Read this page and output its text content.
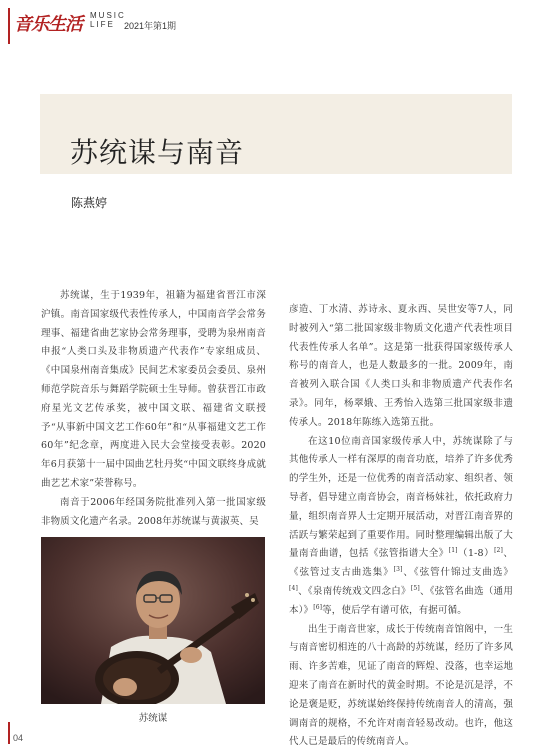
音乐生活 MUSIC
LIFE	2021年第1期
苏统谋与南音
陈燕婷

苏统谋，生于1939年，祖籍为福建省晋江市深沪镇。南音国家级代表性传承人，中国南音学会常务理事、福建省曲艺家协会常务理事，受聘为泉州南音申报“人类口头及非物质遗产代表作”专家组成员、《中国泉州南音集成》民间艺术家委员会委员、泉州师范学院音乐与舞蹈学院硕士生导师。曾获晋江市政府星光文艺传承奖，被中国文联、福建省文联授予“从事新中国文艺工作60年”和“从事福建文艺工作60年”纪念章，两度进入民大会堂接受表彰。2020年6月获第十一届中国曲艺牡丹奖“中国文联终身成就曲艺艺术家”荣誉称号。

南音于2006年经国务院批准列入第一批国家级非物质文化遗产名录。2008年苏统谋与黄淑英、吴

苏统谋

彦造、丁水清、苏诗永、夏永西、吴世安等7人，同时被列入“第二批国家级非物质文化遗产代表性项目代表性传承人名单”。这是第一批获得国家级传承人称号的南音人，也是人数最多的一批。2009年，南音被列入联合国《人类口头和非物质遗产代表作名录》。同年，杨翠娥、王秀怡入选第三批国家级非遗传承人。2018年陈练入选第五批。

在这10位南音国家级传承人中，苏统谋除了与其他传承人一样有深厚的南音功底，培养了许多优秀的学生外，还是一位优秀的南音活动家、组织者、领导者，倡导建立南音协会，南音杨妹社，依托政府力量，组织南音界人士定期开展活动，对晋江南音界的活跃与繁荣起到了重要作用。同时整理编辑出版了大量南音曲谱，包括《弦管指谱大全》[1]（1-8）[2]、《弦管过支古曲选集》[3]、《弦管什锦过支曲选》[4]、《泉南传统戏文四念白》[5]、《弦管名曲选（通用本）》[6]等，使后学有谱可依，有据可循。

出生于南音世家，成长于传统南音馆阁中，一生与南音密切相连的八十高龄的苏统谋，经历了许多风雨、许多苦难，见证了南音的辉煌、没落，也幸运地迎来了南音在新时代的黄金时期。不论是沉是浮，不论是褒是贬，苏统谋始终保持传统南音人的清高，强调南音的规格，不允许对南音轻易改动。也许，他这代人已是最后的传统南音人。

04
